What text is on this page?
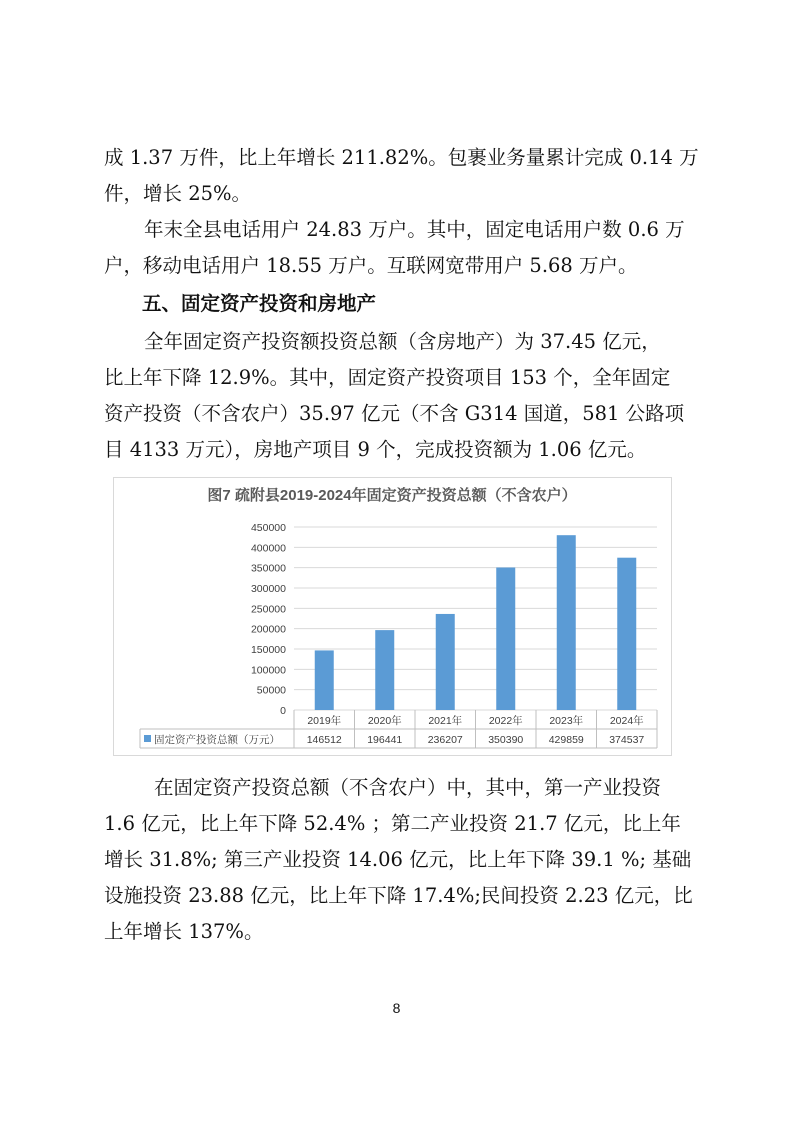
成 1.37 万件，比上年增长 211.82%。包裹业务量累计完成 0.14 万
件，增长 25%。
年末全县电话用户 24.83 万户。其中，固定电话用户数 0.6 万
户，移动电话用户 18.55 万户。互联网宽带用户 5.68 万户。
五、固定资产投资和房地产
全年固定资产投资额投资总额（含房地产）为 37.45 亿元，
比上年下降 12.9%。其中，固定资产投资项目 153 个，全年固定
资产投资（不含农户）35.97 亿元（不含 G314 国道，581 公路项
目 4133 万元），房地产项目 9 个，完成投资额为 1.06 亿元。
图7 疏附县2019-2024年固定资产投资总额（不含农户）
0
50000
100000
150000
200000
250000
300000
350000
400000
450000
2019年	2020年	2021年	2022年	2023年	2024年
146512 196441 236207 350390 429859 374537
固定资产投资总额（万元）
在固定资产投资总额（不含农户）中，其中，第一产业投资
1.6 亿元，比上年下降 52.4% ；第二产业投资 21.7 亿元，比上年
增长 31.8%; 第三产业投资 14.06 亿元，比上年下降 39.1 %; 基础
设施投资 23.88 亿元，比上年下降 17.4%;民间投资 2.23 亿元，比
上年增长 137%。
8
